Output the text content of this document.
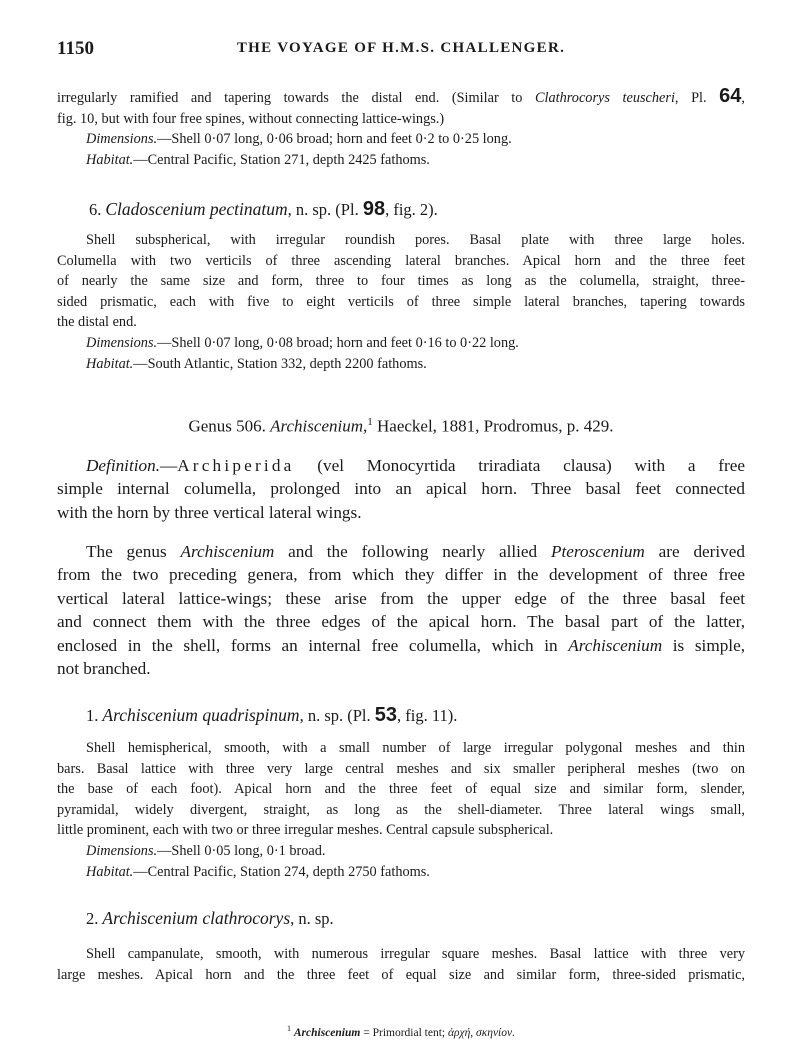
1150	THE VOYAGE OF H.M.S. CHALLENGER.
irregularly ramified and tapering towards the distal end. (Similar to Clathrocorys teuscheri, Pl. 64,
fig. 10, but with four free spines, without connecting lattice-wings.)
Dimensions.—Shell 0·07 long, 0·06 broad; horn and feet 0·2 to 0·25 long.
Habitat.—Central Pacific, Station 271, depth 2425 fathoms.
6. Cladoscenium pectinatum, n. sp. (Pl. 98, fig. 2).
Shell subspherical, with irregular roundish pores. Basal plate with three large holes.
Columella with two verticils of three ascending lateral branches. Apical horn and the three feet
of nearly the same size and form, three to four times as long as the columella, straight, three-
sided prismatic, each with five to eight verticils of three simple lateral branches, tapering towards
the distal end.
Dimensions.—Shell 0·07 long, 0·08 broad; horn and feet 0·16 to 0·22 long.
Habitat.—South Atlantic, Station 332, depth 2200 fathoms.
Genus 506. Archiscenium,$^1$ Haeckel, 1881, Prodromus, p. 429.
Definition.—Archiperida (vel Monocyrtida triradiata clausa) with a free
simple internal columella, prolonged into an apical horn. Three basal feet connected
with the horn by three vertical lateral wings.
The genus Archiscenium and the following nearly allied Pteroscenium are derived
from the two preceding genera, from which they differ in the development of three free
vertical lateral lattice-wings; these arise from the upper edge of the three basal feet
and connect them with the three edges of the apical horn. The basal part of the latter,
enclosed in the shell, forms an internal free columella, which in Archiscenium is simple,
not branched.
1. Archiscenium quadrispinum, n. sp. (Pl. 53, fig. 11).
Shell hemispherical, smooth, with a small number of large irregular polygonal meshes and thin
bars. Basal lattice with three very large central meshes and six smaller peripheral meshes (two on
the base of each foot). Apical horn and the three feet of equal size and similar form, slender,
pyramidal, widely divergent, straight, as long as the shell-diameter. Three lateral wings small,
little prominent, each with two or three irregular meshes. Central capsule subspherical.
Dimensions.—Shell 0·05 long, 0·1 broad.
Habitat.—Central Pacific, Station 274, depth 2750 fathoms.
2. Archiscenium clathrocorys, n. sp.
Shell campanulate, smooth, with numerous irregular square meshes. Basal lattice with three very
large meshes. Apical horn and the three feet of equal size and similar form, three-sided prismatic,
$^1$ Archiscenium = Primordial tent; ἀρχή, σκηνίον.
